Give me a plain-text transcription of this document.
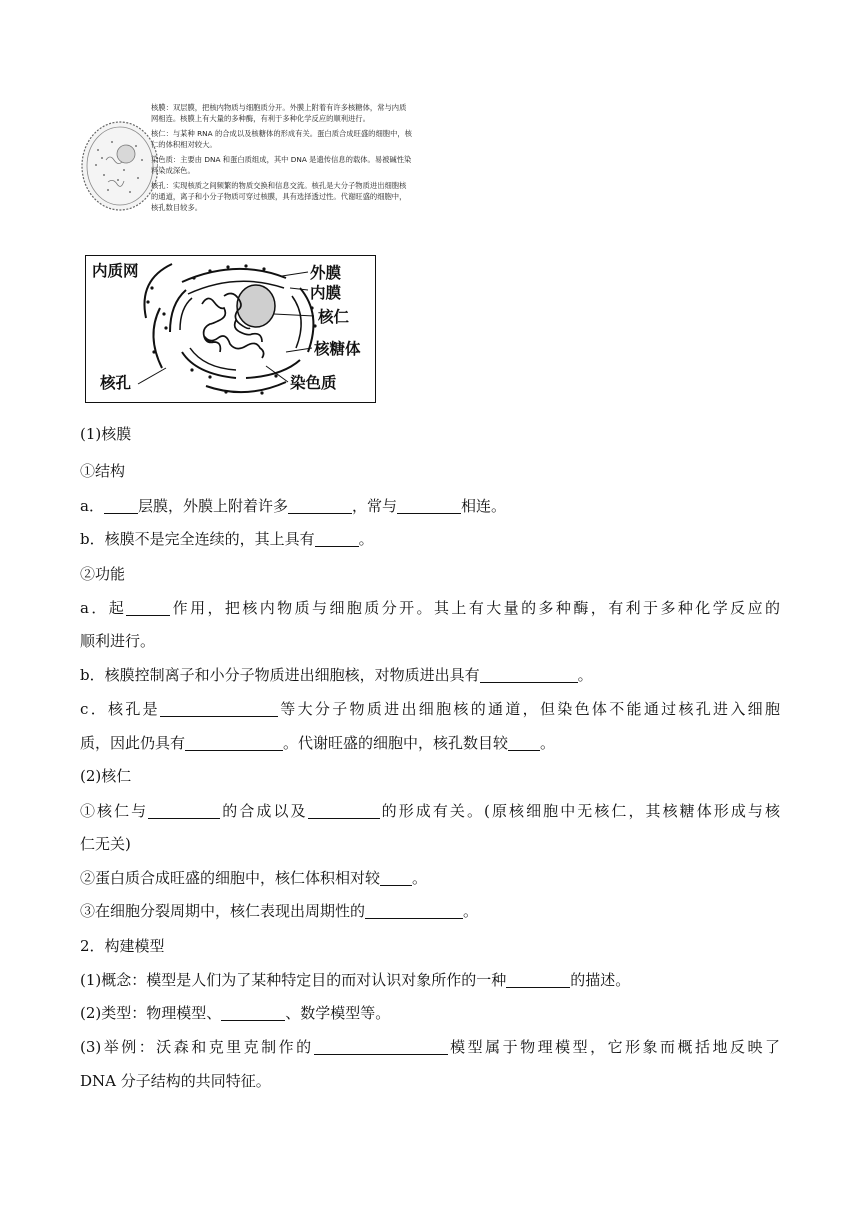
核膜：双层膜，把核内物质与细胞质分开。外膜上附着有许多核糖体，常与内质网相连。核膜上有大量的多种酶，有利于多种化学反应的顺利进行。

核仁：与某种 RNA 的合成以及核糖体的形成有关。蛋白质合成旺盛的细胞中，核仁的体积相对较大。

染色质：主要由 DNA 和蛋白质组成，其中 DNA 是遗传信息的载体。易被碱性染料染成深色。

核孔：实现核质之间频繁的物质交换和信息交流。核孔是大分子物质进出细胞核的通道，离子和小分子物质可穿过核膜，具有选择透过性。代谢旺盛的细胞中，核孔数目较多。

内质网	外膜
内膜
核仁
核糖体
核孔	染色质
(1)核膜
①结构
a． 层膜，外膜上附着许多	，常与	相连。
b．核膜不是完全连续的，其上具有	。
②功能
a．起	作用，把核内物质与细胞质分开。其上有大量的多种酶，有利于多种化学反应的
顺利进行。
b．核膜控制离子和小分子物质进出细胞核，对物质进出具有	。
c．核孔是	等大分子物质进出细胞核的通道，但染色体不能通过核孔进入细胞
质，因此仍具有	。代谢旺盛的细胞中，核孔数目较 。
(2)核仁
①核仁与	的合成以及	的形成有关。(原核细胞中无核仁，其核糖体形成与核
仁无关)
②蛋白质合成旺盛的细胞中，核仁体积相对较 。
③在细胞分裂周期中，核仁表现出周期性的	。
2．构建模型
(1)概念：模型是人们为了某种特定目的而对认识对象所作的一种	的描述。
(2)类型：物理模型、	、数学模型等。
(3)举例：沃森和克里克制作的	模型属于物理模型，它形象而概括地反映了
DNA 分子结构的共同特征。
